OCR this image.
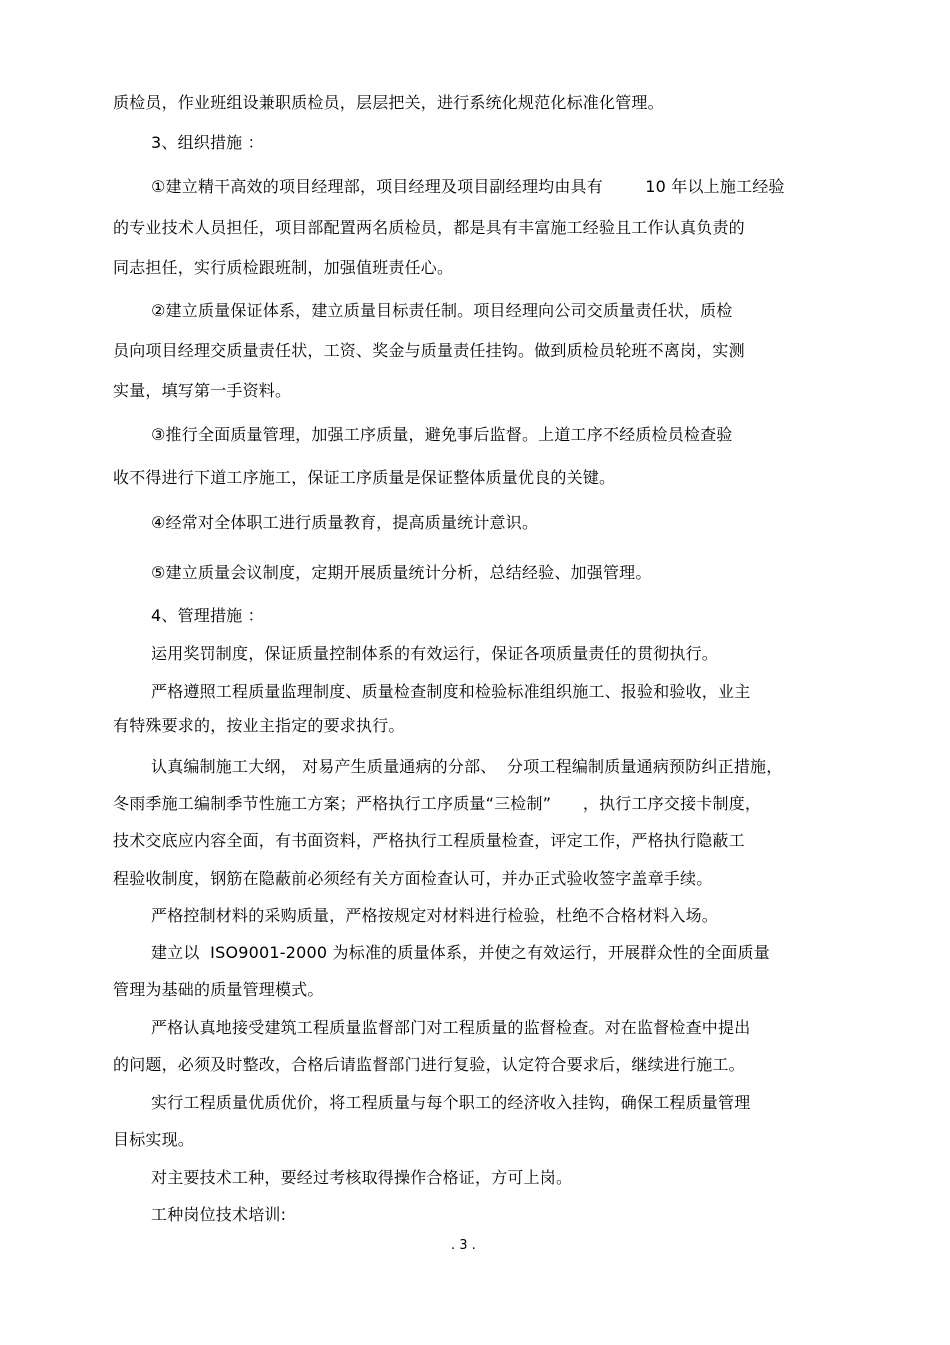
质检员，作业班组设兼职质检员，层层把关，进行系统化规范化标准化管理。
3、组织措施 ：
①建立精干高效的项目经理部，项目经理及项目副经理均由具有        10 年以上施工经验
的专业技术人员担任，项目部配置两名质检员，都是具有丰富施工经验且工作认真负责的
同志担任，实行质检跟班制，加强值班责任心。
②建立质量保证体系，建立质量目标责任制。项目经理向公司交质量责任状，质检
员向项目经理交质量责任状，工资、奖金与质量责任挂钩。做到质检员轮班不离岗，实测
实量，填写第一手资料。
③推行全面质量管理，加强工序质量，避免事后监督。上道工序不经质检员检查验
收不得进行下道工序施工，保证工序质量是保证整体质量优良的关键。
④经常对全体职工进行质量教育，提高质量统计意识。
⑤建立质量会议制度，定期开展质量统计分析，总结经验、加强管理。
4、管理措施 ：
运用奖罚制度，保证质量控制体系的有效运行，保证各项质量责任的贯彻执行。
严格遵照工程质量监理制度、质量检查制度和检验标准组织施工、报验和验收，业主
有特殊要求的，按业主指定的要求执行。
认真编制施工大纲， 对易产生质量通病的分部、  分项工程编制质量通病预防纠正措施，
冬雨季施工编制季节性施工方案；严格执行工序质量“三检制”      ，执行工序交接卡制度，
技术交底应内容全面，有书面资料，严格执行工程质量检查，评定工作，严格执行隐蔽工
程验收制度，钢筋在隐蔽前必须经有关方面检查认可，并办正式验收签字盖章手续。
严格控制材料的采购质量，严格按规定对材料进行检验，杜绝不合格材料入场。
建立以  ISO9001-2000 为标准的质量体系，并使之有效运行，开展群众性的全面质量
管理为基础的质量管理模式。
严格认真地接受建筑工程质量监督部门对工程质量的监督检查。对在监督检查中提出
的问题，必须及时整改，合格后请监督部门进行复验，认定符合要求后，继续进行施工。
实行工程质量优质优价，将工程质量与每个职工的经济收入挂钩，确保工程质量管理
目标实现。
对主要技术工种，要经过考核取得操作合格证，方可上岗。
工种岗位技术培训:
. 3 .
